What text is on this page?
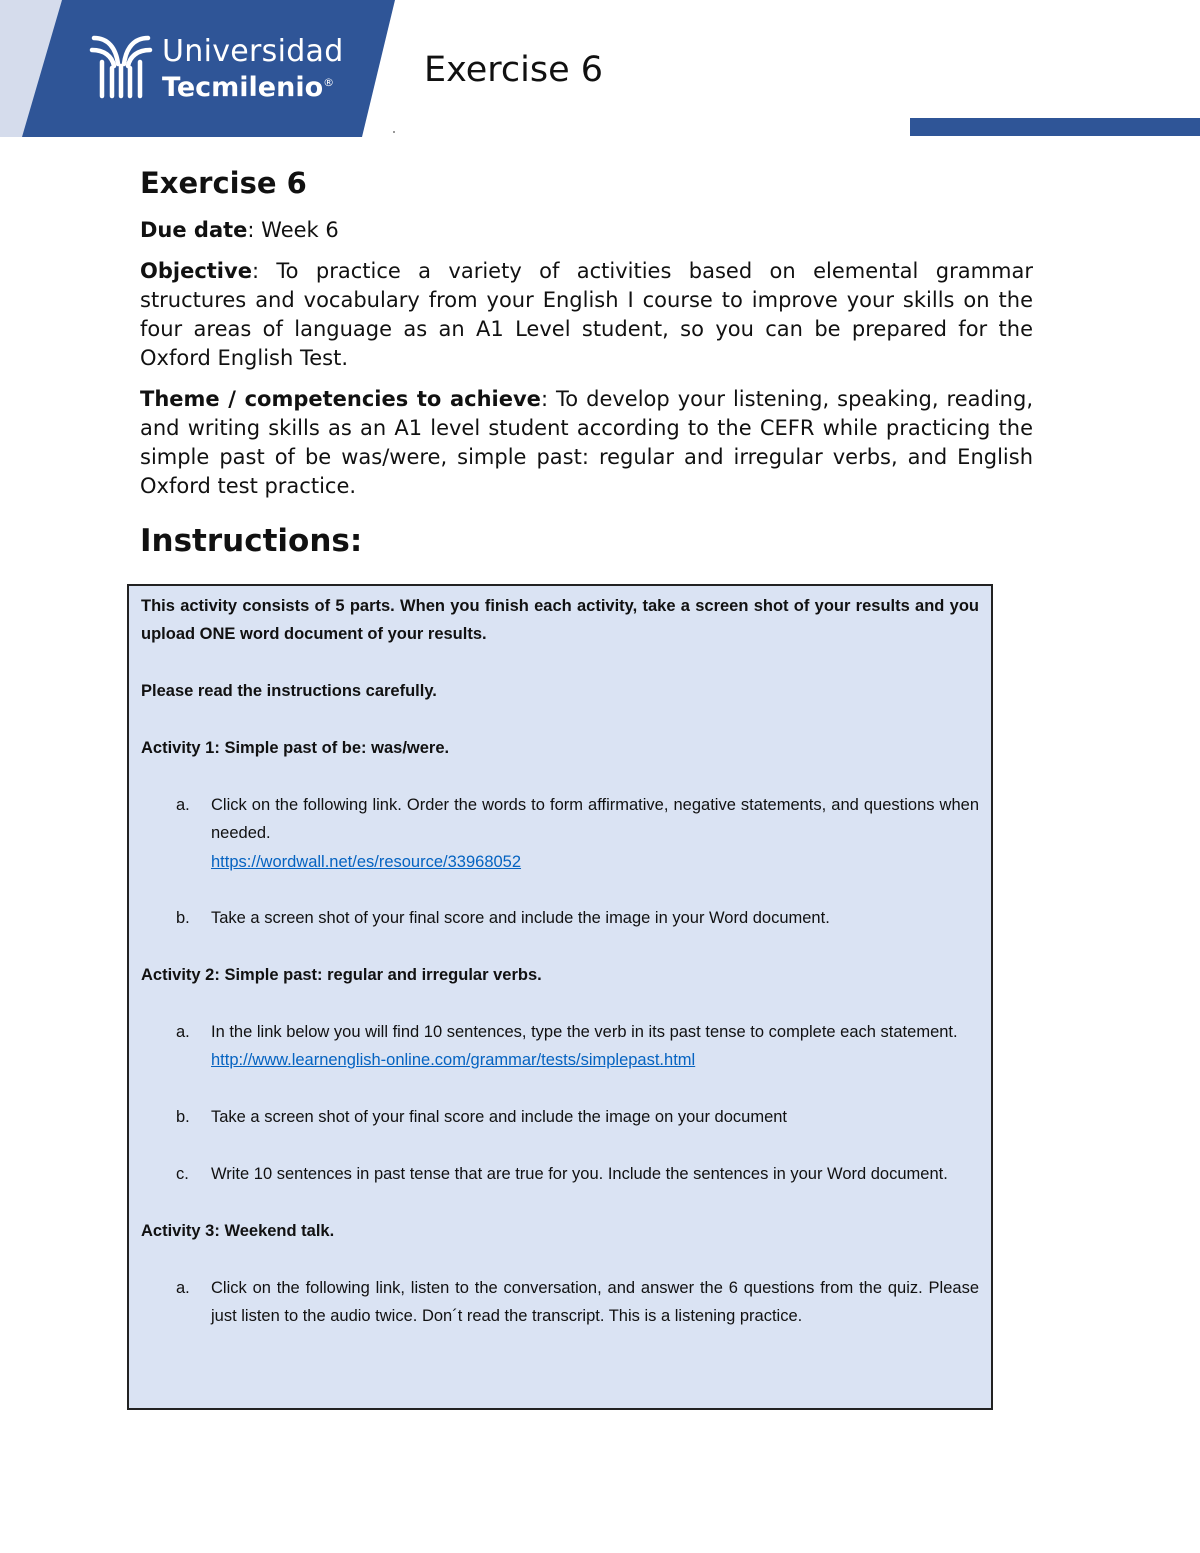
Universidad
Tecmilenio®	Exercise 6
Exercise 6

Due date: Week 6

Objective: To practice a variety of activities based on elemental grammar structures and vocabulary from your English I course to improve your skills on the four areas of language as an A1 Level student, so you can be prepared for the Oxford English Test.

Theme / competencies to achieve: To develop your listening, speaking, reading, and writing skills as an A1 level student according to the CEFR while practicing the simple past of be was/were, simple past: regular and irregular verbs, and English Oxford test practice.

Instructions:

This activity consists of 5 parts. When you finish each activity, take a screen shot of your results and you upload ONE word document of your results.

Please read the instructions carefully.

Activity 1: Simple past of be: was/were.

a. Click on the following link. Order the words to form affirmative, negative statements, and questions when needed.
https://wordwall.net/es/resource/33968052
b. Take a screen shot of your final score and include the image in your Word document.

Activity 2: Simple past: regular and irregular verbs.

a. In the link below you will find 10 sentences, type the verb in its past tense to complete each statement.
http://www.learnenglish-online.com/grammar/tests/simplepast.html
b. Take a screen shot of your final score and include the image on your document
c. Write 10 sentences in past tense that are true for you. Include the sentences in your Word document.

Activity 3: Weekend talk.

a. Click on the following link, listen to the conversation, and answer the 6 questions from the quiz. Please just listen to the audio twice. Don´t read the transcript. This is a listening practice.
